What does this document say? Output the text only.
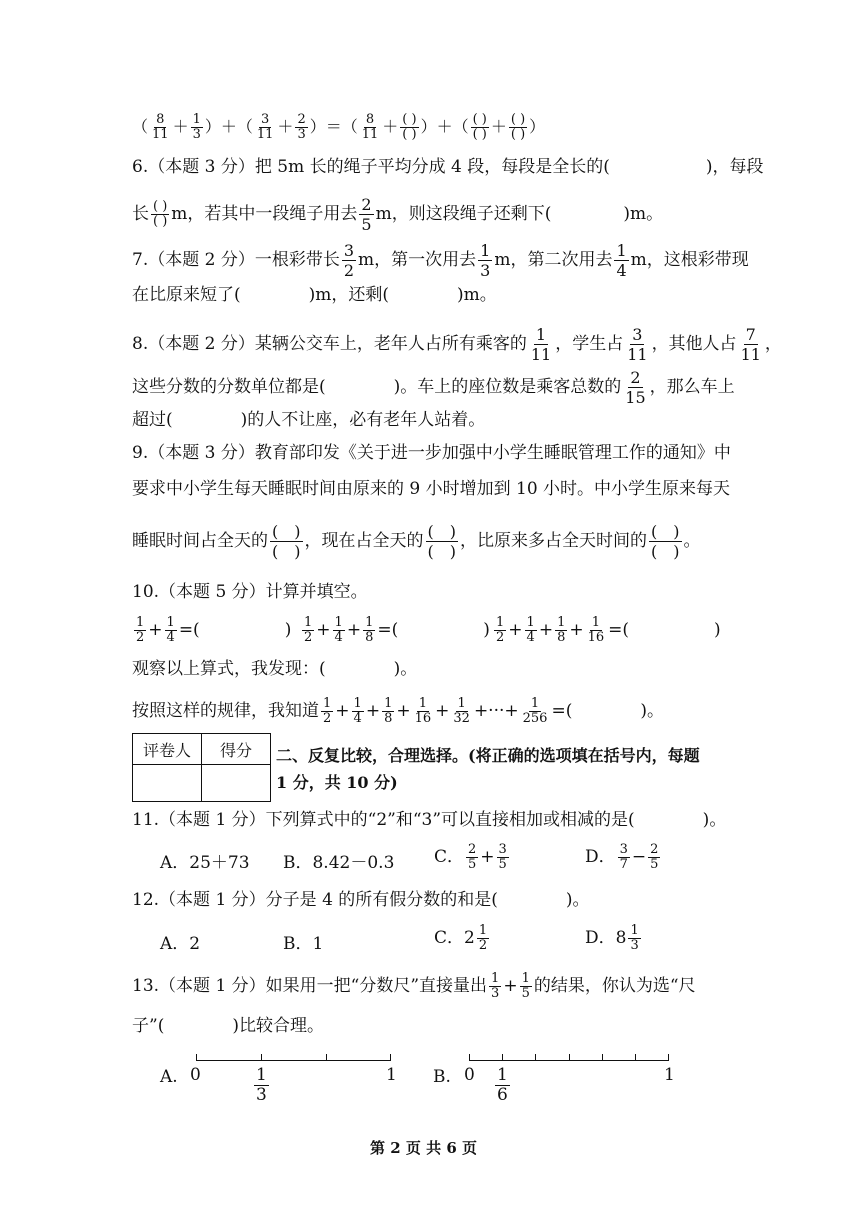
（ $\frac{8}{11} + \frac{1}{3}$ ）＋（ $\frac{3}{11} + \frac{2}{3}$ ）＝（ $\frac{8}{11} + \frac{( )}{( )}$ ）＋（ $\frac{( )}{( )} + \frac{( )}{( )}$ ）
6.（本题 3 分）把 5m 长的绳子平均分成 4 段，每段是全长的(	)，每段
长 $\frac{( )}{( )}$ m，若其中一段绳子用去 $\frac{2}{5}$ m，则这段绳子还剩下(	)m。
7.（本题 2 分）一根彩带长 $\frac{3}{2}$ m，第一次用去 $\frac{1}{3}$ m，第二次用去 $\frac{1}{4}$ m，这根彩带现
在比原来短了(　　　　)m，还剩(　　　　)m。
8.（本题 2 分）某辆公交车上，老年人占所有乘客的 $\frac{1}{11}$ ，学生占 $\frac{3}{11}$ ，其他人占 $\frac{7}{11}$ ，
这些分数的分数单位都是(　　　　)。车上的座位数是乘客总数的 $\frac{2}{15}$ ，那么车上
超过(　　　　)的人不让座，必有老年人站着。
9.（本题 3 分）教育部印发《关于进一步加强中小学生睡眠管理工作的通知》中
要求中小学生每天睡眠时间由原来的 9 小时增加到 10 小时。中小学生原来每天
睡眠时间占全天的 $\frac{( )}{( )}$ ，现在占全天的 $\frac{( )}{( )}$ ，比原来多占全天时间的 $\frac{( )}{( )}$ 。
10.（本题 5 分）计算并填空。
$\frac{1}{2} + \frac{1}{4}$ =(　　　　　) $\frac{1}{2} + \frac{1}{4} + \frac{1}{8}$ =(　　　　　) $\frac{1}{2} + \frac{1}{4} + \frac{1}{8} + \frac{1}{16}$ =(　　　　　)
观察以上算式，我发现：(　　　　)。
按照这样的规律，我知道 $\frac{1}{2} + \frac{1}{4} + \frac{1}{8} + \frac{1}{16} + \frac{1}{32}$ +···+ $\frac{1}{256}$ =(　　　　)。
评卷人	得分
	二、反复比较，合理选择。(将正确的选项填在括号内，每题
1 分，共 10 分)
11.（本题 1 分）下列算式中的“2”和“3”可以直接相加或相减的是(　　　　)。
A．25＋73 B．8.42－0.3 C． $\frac{2}{5} + \frac{3}{5}$	D． $\frac{3}{7} - \frac{2}{5}$
12.（本题 1 分）分子是 4 的所有假分数的和是(　　　　)。
A．2	B．1	C．$2 \frac{1}{2}$	D．$8 \frac{1}{3}$
13.（本题 1 分）如果用一把“分数尺”直接量出 $\frac{1}{3} + \frac{1}{5}$ 的结果，你认为选“尺
子”(　　　　)比较合理。
A. 0	1
$\frac{1}{3}$	B. 0	1
$\frac{1}{6}$
第 2 页 共 6 页
